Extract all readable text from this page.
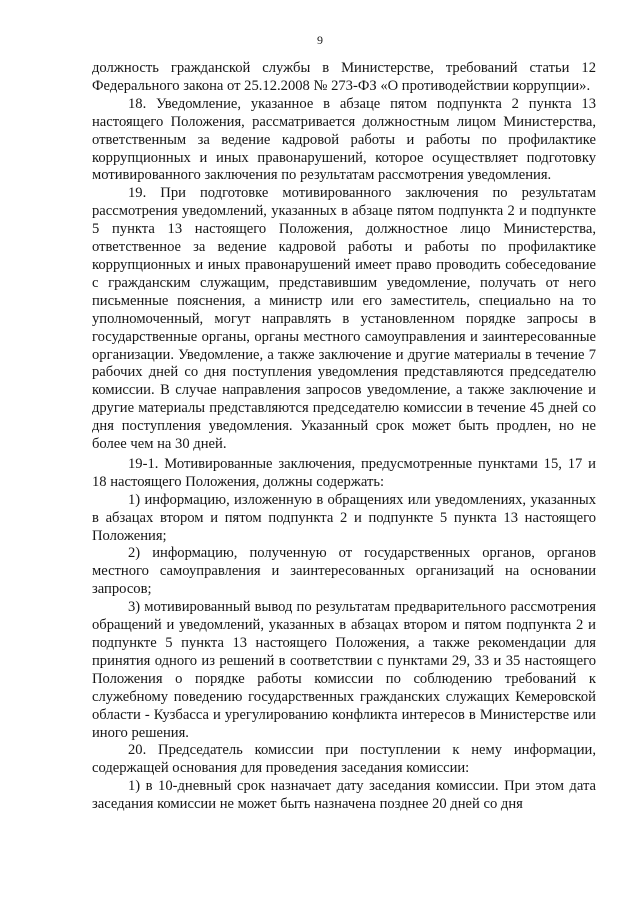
9

должность гражданской службы в Министерстве, требований статьи 12 Федерального закона от 25.12.2008 № 273-ФЗ «О противодействии коррупции».

18. Уведомление, указанное в абзаце пятом подпункта 2 пункта 13 настоящего Положения, рассматривается должностным лицом Министерства, ответственным за ведение кадровой работы и работы по профилактике коррупционных и иных правонарушений, которое осуществляет подготовку мотивированного заключения по результатам рассмотрения уведомления.

19. При подготовке мотивированного заключения по результатам рассмотрения уведомлений, указанных в абзаце пятом подпункта 2 и подпункте 5 пункта 13 настоящего Положения, должностное лицо Министерства, ответственное за ведение кадровой работы и работы по профилактике коррупционных и иных правонарушений имеет право проводить собеседование с гражданским служащим, представившим уведомление, получать от него письменные пояснения, а министр или его заместитель, специально на то уполномоченный, могут направлять в установленном порядке запросы в государственные органы, органы местного самоуправления и заинтересованные организации. Уведомление, а также заключение и другие материалы в течение 7 рабочих дней со дня поступления уведомления представляются председателю комиссии. В случае направления запросов уведомление, а также заключение и другие материалы представляются председателю комиссии в течение 45 дней со дня поступления уведомления. Указанный срок может быть продлен, но не более чем на 30 дней.

19-1. Мотивированные заключения, предусмотренные пунктами 15, 17 и 18 настоящего Положения, должны содержать:

1) информацию, изложенную в обращениях или уведомлениях, указанных в абзацах втором и пятом подпункта 2 и подпункте 5 пункта 13 настоящего Положения;

2) информацию, полученную от государственных органов, органов местного самоуправления и заинтересованных организаций на основании запросов;

3) мотивированный вывод по результатам предварительного рассмотрения обращений и уведомлений, указанных в абзацах втором и пятом подпункта 2 и подпункте 5 пункта 13 настоящего Положения, а также рекомендации для принятия одного из решений в соответствии с пунктами 29, 33 и 35 настоящего Положения о порядке работы комиссии по соблюдению требований к служебному поведению государственных гражданских служащих Кемеровской области - Кузбасса и урегулированию конфликта интересов в Министерстве или иного решения.

20. Председатель комиссии при поступлении к нему информации, содержащей основания для проведения заседания комиссии:

1) в 10-дневный срок назначает дату заседания комиссии. При этом дата заседания комиссии не может быть назначена позднее 20 дней со дня
